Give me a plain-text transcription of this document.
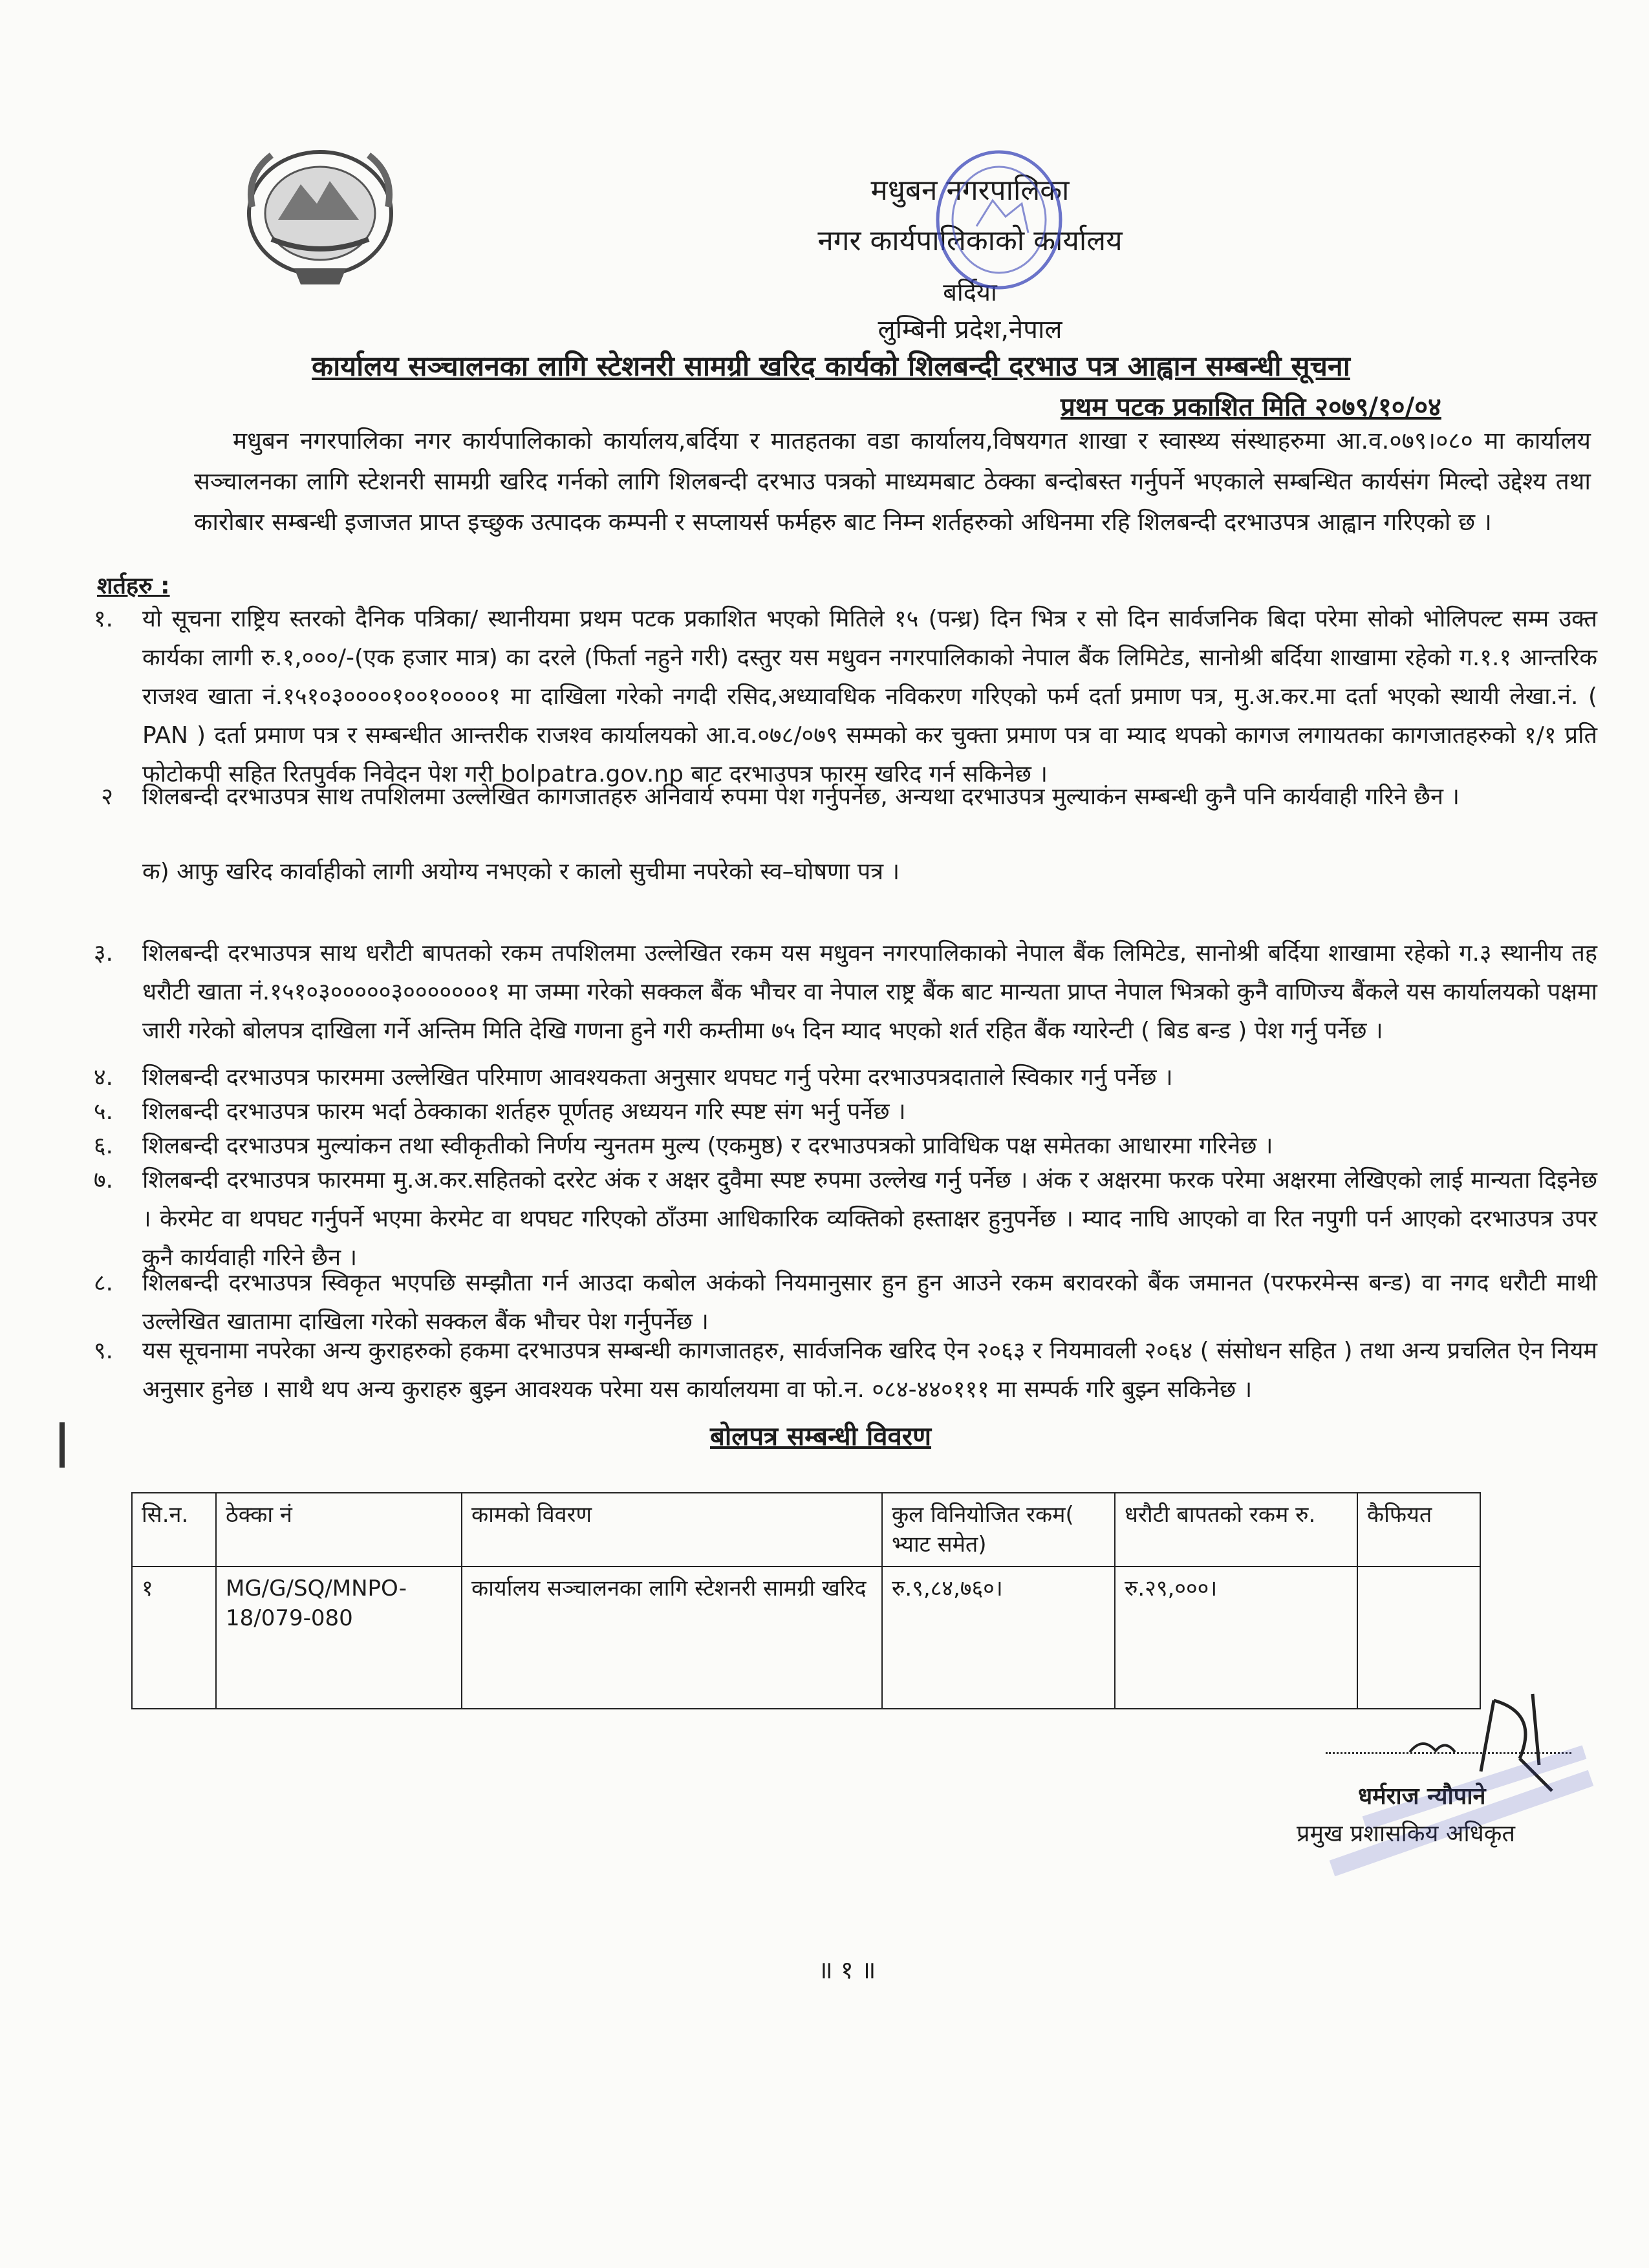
मधुबन नगरपालिका
नगर कार्यपालिकाको कार्यालय
बर्दिया
लुम्बिनी प्रदेश,नेपाल
कार्यालय सञ्चालनका लागि स्टेशनरी सामग्री खरिद कार्यको शिलबन्दी दरभाउ पत्र आह्वान सम्बन्धी सूचना
प्रथम पटक प्रकाशित मिति २०७९/१०/०४
मधुबन नगरपालिका नगर कार्यपालिकाको कार्यालय,बर्दिया र मातहतका वडा कार्यालय,विषयगत शाखा र स्वास्थ्य संस्थाहरुमा आ.व.०७९।०८० मा कार्यालय सञ्चालनका लागि स्टेशनरी सामग्री खरिद गर्नको लागि शिलबन्दी दरभाउ पत्रको माध्यमबाट ठेक्का बन्दोबस्त गर्नुपर्ने भएकाले सम्बन्धित कार्यसंग मिल्दो उद्देश्य तथा कारोबार सम्बन्धी इजाजत प्राप्त इच्छुक उत्पादक कम्पनी र सप्लायर्स फर्महरु बाट निम्न शर्तहरुको अधिनमा रहि शिलबन्दी दरभाउपत्र आह्वान गरिएको छ ।
शर्तहरु :
१. यो सूचना राष्ट्रिय स्तरको दैनिक पत्रिका/ स्थानीयमा प्रथम पटक प्रकाशित भएको मितिले १५ (पन्ध्र) दिन भित्र र सो दिन सार्वजनिक बिदा परेमा सोको भोलिपल्ट सम्म उक्त कार्यका लागी रु.१,०००/-(एक हजार मात्र) का दरले (फिर्ता नहुने गरी) दस्तुर यस मधुवन नगरपालिकाको नेपाल बैंक लिमिटेड, सानोश्री बर्दिया शाखामा रहेको ग.१.१ आन्तरिक राजश्व खाता नं.१५१०३००००१००१००००१ मा दाखिला गरेको नगदी रसिद,अध्यावधिक नविकरण गरिएको फर्म दर्ता प्रमाण पत्र, मु.अ.कर.मा दर्ता भएको स्थायी लेखा.नं. ( PAN ) दर्ता प्रमाण पत्र र सम्बन्धीत आन्तरीक राजश्व कार्यालयको आ.व.०७८/०७९ सम्मको कर चुक्ता प्रमाण पत्र वा म्याद थपको कागज लगायतका कागजातहरुको १/१ प्रति फोटोकपी सहित रितपुर्वक निवेदन पेश गरी bolpatra.gov.np बाट दरभाउपत्र फारम खरिद गर्न सकिनेछ ।
२ शिलबन्दी दरभाउपत्र साथ तपशिलमा उल्लेखित कागजातहरु अनिवार्य रुपमा पेश गर्नुपर्नेछ, अन्यथा दरभाउपत्र मुल्याकंन सम्बन्धी कुनै पनि कार्यवाही गरिने छैन ।
क) आफु खरिद कार्वाहीको लागी अयोग्य नभएको र कालो सुचीमा नपरेको स्व–घोषणा पत्र ।
३. शिलबन्दी दरभाउपत्र साथ धरौटी बापतको रकम तपशिलमा उल्लेखित रकम यस मधुवन नगरपालिकाको नेपाल बैंक लिमिटेड, सानोश्री बर्दिया शाखामा रहेको ग.३ स्थानीय तह धरौटी खाता नं.१५१०३०००००३०००००००१ मा जम्मा गरेको सक्कल बैंक भौचर वा नेपाल राष्ट्र बैंक बाट मान्यता प्राप्त नेपाल भित्रको कुनै वाणिज्य बैंकले यस कार्यालयको पक्षमा जारी गरेको बोलपत्र दाखिला गर्ने अन्तिम मिति देखि गणना हुने गरी कम्तीमा ७५ दिन म्याद भएको शर्त रहित बैंक ग्यारेन्टी ( बिड बन्ड ) पेश गर्नु पर्नेछ ।
४. शिलबन्दी दरभाउपत्र फारममा उल्लेखित परिमाण आवश्यकता अनुसार थपघट गर्नु परेमा दरभाउपत्रदाताले स्विकार गर्नु पर्नेछ ।
५. शिलबन्दी दरभाउपत्र फारम भर्दा ठेक्काका शर्तहरु पूर्णतह अध्ययन गरि स्पष्ट संग भर्नु पर्नेछ ।
६. शिलबन्दी दरभाउपत्र मुल्यांकन तथा स्वीकृतीको निर्णय न्युनतम मुल्य (एकमुष्ठ) र दरभाउपत्रको प्राविधिक पक्ष समेतका आधारमा गरिनेछ ।
७. शिलबन्दी दरभाउपत्र फारममा मु.अ.कर.सहितको दररेट अंक र अक्षर दुवैमा स्पष्ट रुपमा उल्लेख गर्नु पर्नेछ । अंक र अक्षरमा फरक परेमा अक्षरमा लेखिएको लाई मान्यता दिइनेछ । केरमेट वा थपघट गर्नुपर्ने भएमा केरमेट वा थपघट गरिएको ठाँउमा आधिकारिक व्यक्तिको हस्ताक्षर हुनुपर्नेछ । म्याद नाघि आएको वा रित नपुगी पर्न आएको दरभाउपत्र उपर कुनै कार्यवाही गरिने छैन ।
८. शिलबन्दी दरभाउपत्र स्विकृत भएपछि सम्झौता गर्न आउदा कबोल अकंको नियमानुसार हुन हुन आउने रकम बरावरको बैंक जमानत (परफरमेन्स बन्ड) वा नगद धरौटी माथी उल्लेखित खातामा दाखिला गरेको सक्कल बैंक भौचर पेश गर्नुपर्नेछ ।
९. यस सूचनामा नपरेका अन्य कुराहरुको हकमा दरभाउपत्र सम्बन्धी कागजातहरु, सार्वजनिक खरिद ऐन २०६३ र नियमावली २०६४ ( संसोधन सहित ) तथा अन्य प्रचलित ऐन नियम अनुसार हुनेछ । साथै थप अन्य कुराहरु बुझ्न आवश्यक परेमा यस कार्यालयमा वा फो.न. ०८४-४४०१११ मा सम्पर्क गरि बुझ्न सकिनेछ ।
बोलपत्र सम्बन्धी विवरण
सि.न.	ठेक्का नं	कामको विवरण	कुल विनियोजित रकम( भ्याट समेत)	धरौटी बापतको रकम रु.	कैफियत
१	MG/G/SQ/MNPO-18/079-080	कार्यालय सञ्चालनका लागि स्टेशनरी सामग्री खरिद	रु.९,८४,७६०।	रु.२९,०००।	
धर्मराज न्यौपाने
प्रमुख प्रशासकिय अधिकृत
॥ १ ॥
